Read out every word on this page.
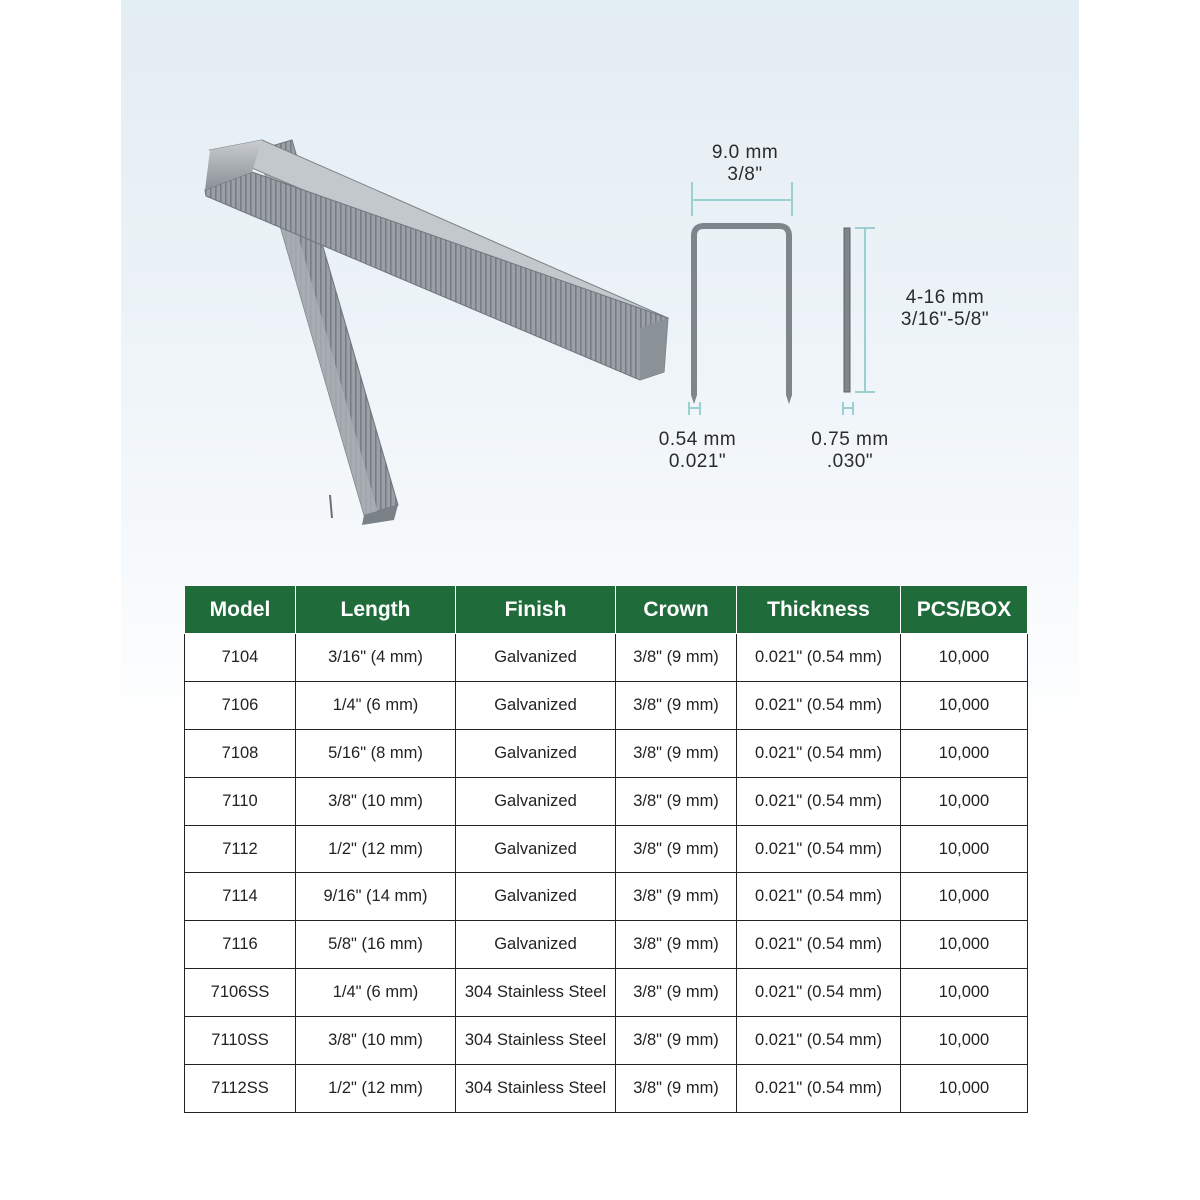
9.0 mm
3/8"
4-16 mm
3/16"-5/8"
0.54 mm
0.021"
0.75 mm
.030"
Model	Length	Finish	Crown	Thickness	PCS/BOX
7104	3/16" (4 mm)	Galvanized	3/8" (9 mm)	0.021" (0.54 mm)	10,000
7106	1/4" (6 mm)	Galvanized	3/8" (9 mm)	0.021" (0.54 mm)	10,000
7108	5/16" (8 mm)	Galvanized	3/8" (9 mm)	0.021" (0.54 mm)	10,000
7110	3/8" (10 mm)	Galvanized	3/8" (9 mm)	0.021" (0.54 mm)	10,000
7112	1/2" (12 mm)	Galvanized	3/8" (9 mm)	0.021" (0.54 mm)	10,000
7114	9/16" (14 mm)	Galvanized	3/8" (9 mm)	0.021" (0.54 mm)	10,000
7116	5/8" (16 mm)	Galvanized	3/8" (9 mm)	0.021" (0.54 mm)	10,000
7106SS	1/4" (6 mm)	304 Stainless Steel	3/8" (9 mm)	0.021" (0.54 mm)	10,000
7110SS	3/8" (10 mm)	304 Stainless Steel	3/8" (9 mm)	0.021" (0.54 mm)	10,000
7112SS	1/2" (12 mm)	304 Stainless Steel	3/8" (9 mm)	0.021" (0.54 mm)	10,000
